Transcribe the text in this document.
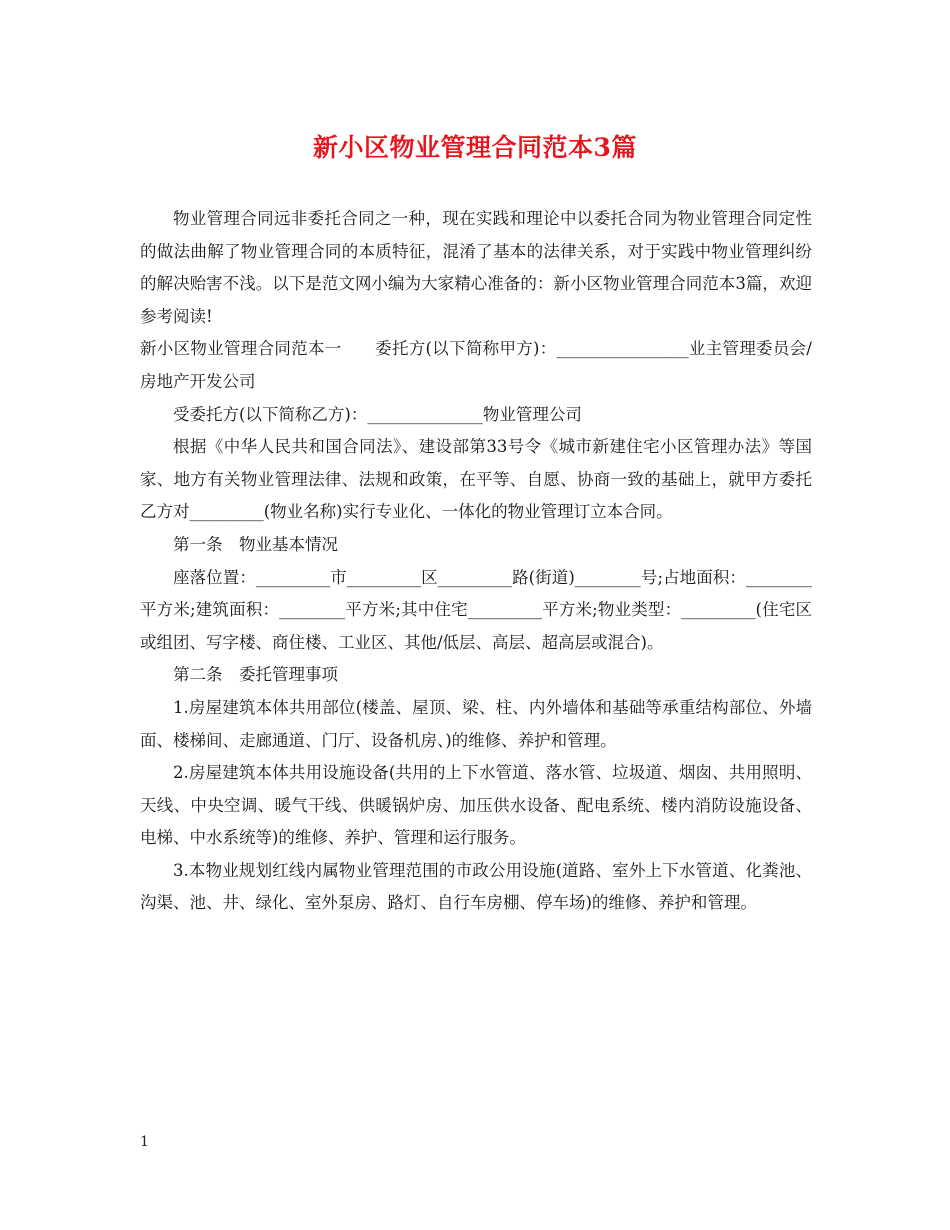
新小区物业管理合同范本3篇

物业管理合同远非委托合同之一种，现在实践和理论中以委托合同为物业管理合同定性的做法曲解了物业管理合同的本质特征，混淆了基本的法律关系，对于实践中物业管理纠纷的解决贻害不浅。以下是范文网小编为大家精心准备的：新小区物业管理合同范本3篇，欢迎参考阅读!

新小区物业管理合同范本一　　委托方(以下简称甲方)：________________业主管理委员会/房地产开发公司

受委托方(以下简称乙方)：______________物业管理公司

根据《中华人民共和国合同法》、建设部第33号令《城市新建住宅小区管理办法》等国家、地方有关物业管理法律、法规和政策，在平等、自愿、协商一致的基础上，就甲方委托乙方对_________(物业名称)实行专业化、一体化的物业管理订立本合同。

第一条　物业基本情况

座落位置：_________市_________区_________路(街道)________号;占地面积：________平方米;建筑面积：________平方米;其中住宅_________平方米;物业类型：_________(住宅区或组团、写字楼、商住楼、工业区、其他/低层、高层、超高层或混合)。

第二条　委托管理事项

1.房屋建筑本体共用部位(楼盖、屋顶、梁、柱、内外墙体和基础等承重结构部位、外墙面、楼梯间、走廊通道、门厅、设备机房、)的维修、养护和管理。

2.房屋建筑本体共用设施设备(共用的上下水管道、落水管、垃圾道、烟囱、共用照明、天线、中央空调、暖气干线、供暖锅炉房、加压供水设备、配电系统、楼内消防设施设备、电梯、中水系统等)的维修、养护、管理和运行服务。

3.本物业规划红线内属物业管理范围的市政公用设施(道路、室外上下水管道、化粪池、沟渠、池、井、绿化、室外泵房、路灯、自行车房棚、停车场)的维修、养护和管理。

1
